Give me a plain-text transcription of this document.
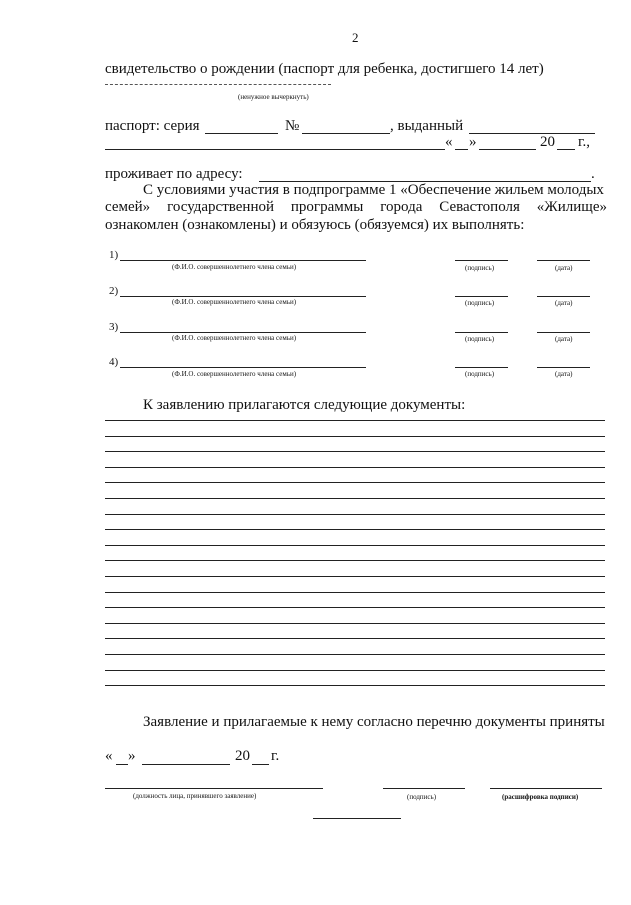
2
свидетельство о рождении (паспорт для ребенка, достигшего 14 лет)
(ненужное вычеркнуть)
паспорт: серия	№	, выданный
« »	20 г.,
проживает по адресу:	.
С условиями участия в подпрограмме 1 «Обеспечение жильем молодых
семей» государственной программы города Севастополя «Жилище»
ознакомлен (ознакомлены) и обязуюсь (обязуемся) их выполнять:
1)
(Ф.И.О. совершеннолетнего члена семьи)	(подпись)	(дата)
2)
(Ф.И.О. совершеннолетнего члена семьи)	(подпись)	(дата)
3)
(Ф.И.О. совершеннолетнего члена семьи)	(подпись)	(дата)
4)
(Ф.И.О. совершеннолетнего члена семьи)	(подпись)	(дата)
К заявлению прилагаются следующие документы:
Заявление и прилагаемые к нему согласно перечню документы приняты
« »	20 г.
(должность лица, принявшего заявление)	(подпись)	(расшифровка подписи)
